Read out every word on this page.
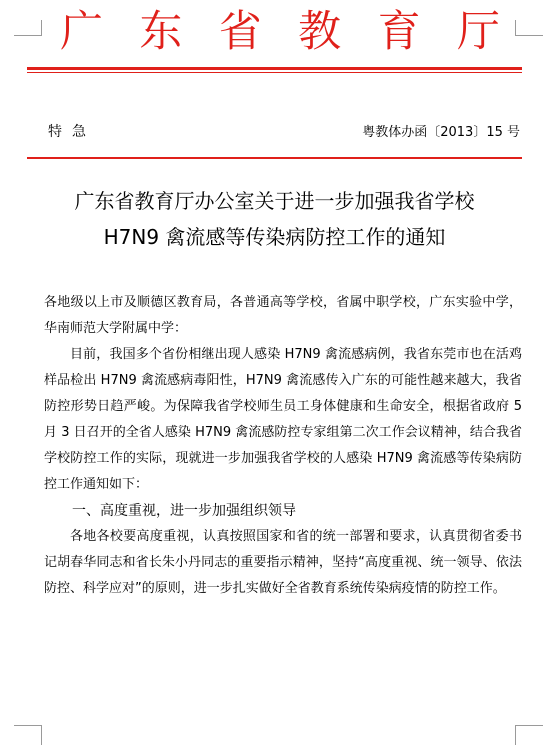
广 东 省 教 育 厅
特急	粤教体办函〔2013〕15 号
广东省教育厅办公室关于进一步加强我省学校
H7N9 禽流感等传染病防控工作的通知

各地级以上市及顺德区教育局，各普通高等学校，省属中职学校，广东实验中学，华南师范大学附属中学：

目前，我国多个省份相继出现人感染 H7N9 禽流感病例，我省东莞市也在活鸡样品检出 H7N9 禽流感病毒阳性，H7N9 禽流感传入广东的可能性越来越大，我省防控形势日趋严峻。为保障我省学校师生员工身体健康和生命安全，根据省政府 5 月 3 日召开的全省人感染 H7N9 禽流感防控专家组第二次工作会议精神，结合我省学校防控工作的实际，现就进一步加强我省学校的人感染 H7N9 禽流感等传染病防控工作通知如下：

一、高度重视，进一步加强组织领导

各地各校要高度重视，认真按照国家和省的统一部署和要求，认真贯彻省委书记胡春华同志和省长朱小丹同志的重要指示精神，坚持“高度重视、统一领导、依法防控、科学应对”的原则，进一步扎实做好全省教育系统传染病疫情的防控工作。
